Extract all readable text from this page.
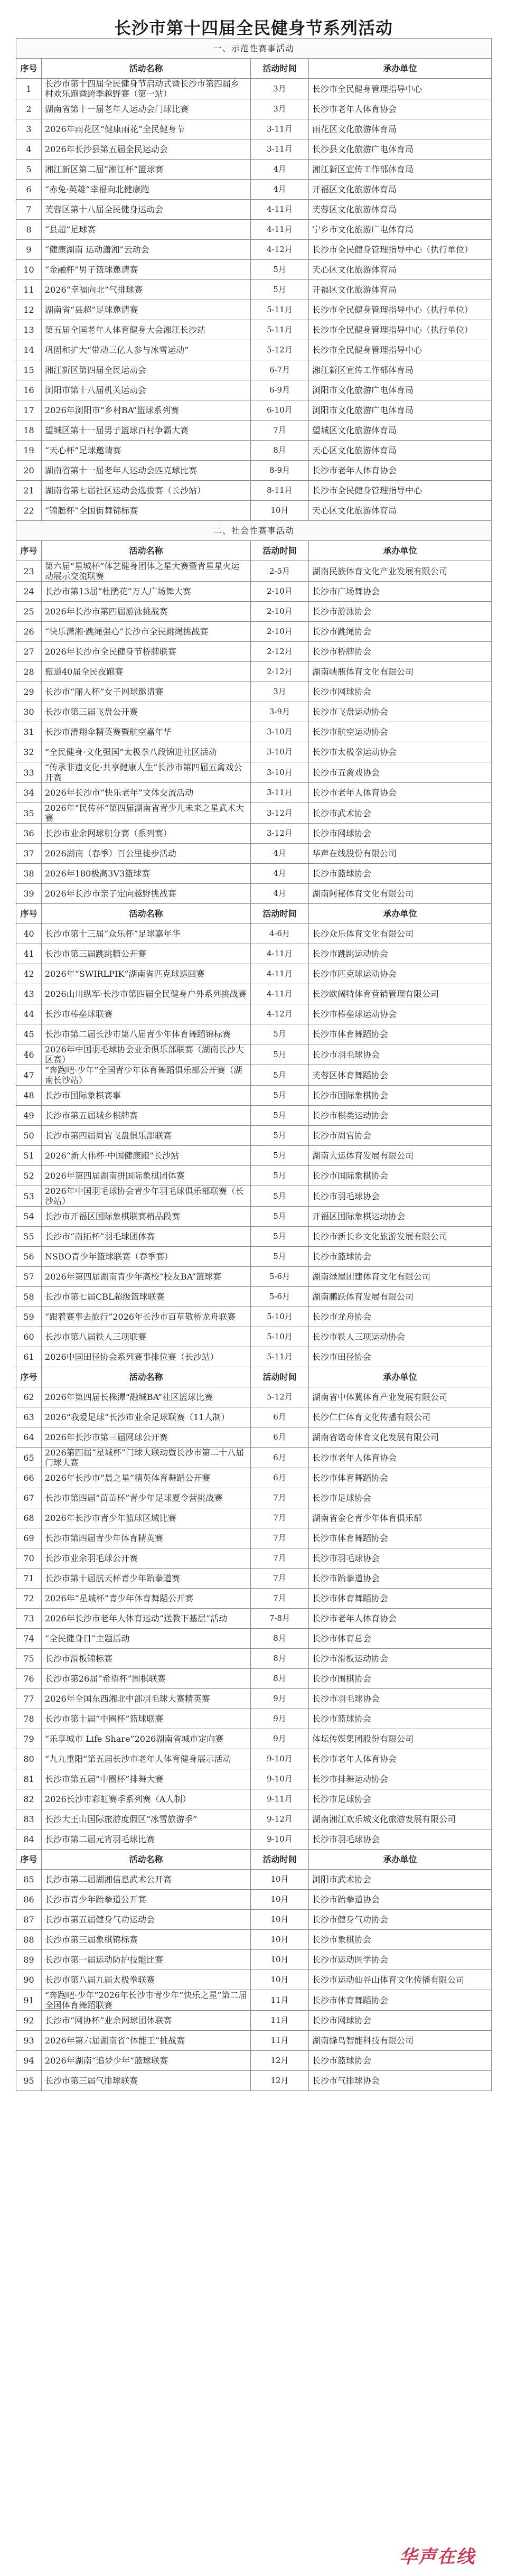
长沙市第十四届全民健身节系列活动
一、示范性赛事活动			
序号	活动名称	活动时间	承办单位
1	长沙市第十四届全民健身节启动式暨长沙市第四届乡村欢乐跑暨跨季越野赛（第一站）	3月	长沙市全民健身管理指导中心
2	湖南省第十一届老年人运动会门球比赛	3月	长沙市老年人体育协会
3	2026年雨花区“健康雨花”全民健身节	3-11月	雨花区文化旅游体育局
4	2026年长沙县第五届全民运动会	3-11月	长沙县文化旅游广电体育局
5	湘江新区第二届“湘江杯”篮球赛	4月	湘江新区宣传工作部体育局
6	“赤兔·英雄”幸福向北健康跑	4月	开福区文化旅游体育局
7	芙蓉区第十八届全民健身运动会	4-11月	芙蓉区文化旅游体育局
8	“县超”足球赛	4-11月	宁乡市文化旅游广电体育局
9	“健康湖南 运动潇湘”云动会	4-12月	长沙市全民健身管理指导中心（执行单位）
10	“金融杯”男子篮球邀请赛	5月	天心区文化旅游体育局
11	2026“幸福向北”气排球赛	5月	开福区文化旅游体育局
12	湖南省“县超”足球邀请赛	5-11月	长沙市全民健身管理指导中心（执行单位）
13	第五届全国老年人体育健身大会湘江长沙站	5-11月	长沙市全民健身管理指导中心（执行单位）
14	巩固和扩大“带动三亿人参与冰雪运动”	5-12月	长沙市全民健身管理指导中心
15	湘江新区第四届全民运动会	6-7月	湘江新区宣传工作部体育局
16	浏阳市第十八届机关运动会	6-9月	浏阳市文化旅游广电体育局
17	2026年浏阳市“乡村BA”篮球系列赛	6-10月	浏阳市文化旅游广电体育局
18	望城区第十一届男子篮球百村争霸大赛	7月	望城区文化旅游体育局
19	“天心杯”足球邀请赛	8月	天心区文化旅游体育局
20	湖南省第十一届老年人运动会匹克球比赛	8-9月	长沙市老年人体育协会
21	湖南省第七届社区运动会选拔赛（长沙站）	8-11月	长沙市全民健身管理指导中心
22	“锦艇杯”全国街舞锦标赛	10月	天心区文化旅游体育局
二、社会性赛事活动			
序号	活动名称	活动时间	承办单位
23	第六届“星城杯”体艺健身团体之星大赛暨青星星火运动展示交流联赛	2-5月	湖南民族体育文化产业发展有限公司
24	长沙市第13届“杜鹃花”万人广场舞大赛	2-10月	长沙市广场舞协会
25	2026年长沙市第四届游泳挑战赛	2-10月	长沙市游泳协会
26	“快乐潇湘·跳绳强心”长沙市全民跳绳挑战赛	2-10月	长沙市跳绳协会
27	2026年长沙市全民健身节桥牌联赛	2-12月	长沙市桥牌协会
28	瓶道40届全民夜跑赛	2-12月	湖南峡瓶体育文化有限公司
29	长沙市“丽人杯”女子网球邀请赛	3月	长沙市网球协会
30	长沙市第三届飞盘公开赛	3-9月	长沙市飞盘运动协会
31	长沙市滑翔伞精英赛暨航空嘉年华	3-10月	长沙市航空运动协会
32	“全民健身·文化强国”太极拳八段锦进社区活动	3-10月	长沙市太极拳运动协会
33	“传承非遗文化·共享健康人生”长沙市第四届五禽戏公开赛	3-10月	长沙市五禽戏协会
34	2026年长沙市“快乐老年”文体交流活动	3-11月	长沙市老年人体育协会
35	2026年“民传杯”第四届湖南省青少儿未来之星武术大赛	3-12月	长沙市武术协会
36	长沙市业余网球积分赛（系列赛）	3-12月	长沙市网球协会
37	2026湖南（春季）百公里徒步活动	4月	华声在线股份有限公司
38	2026年180极高3V3篮球赛	4月	长沙市篮球协会
39	2026年长沙市亲子定向越野挑战赛	4月	湖南阿秘体育文化有限公司
序号	活动名称	活动时间	承办单位
40	长沙市第十三届“众乐杯”足球嘉年华	4-6月	长沙众乐体育文化有限公司
41	长沙市第三届跳跳糖公开赛	4-11月	长沙市跳跳运动协会
42	2026年“SWIRLPIK”湖南省匹克球巡回赛	4-11月	长沙市匹克球运动协会
43	2026山川纵军·长沙市第四届全民健身户外系列挑战赛	4-11月	长沙欧阔特体育营销管理有限公司
44	长沙市棒垒球联赛	4-12月	长沙市棒垒球运动协会
45	长沙市第二届长沙市第八届青少年体育舞蹈锦标赛	5月	长沙市体育舞蹈协会
46	2026年中国羽毛球协会业余俱乐部联赛（湖南长沙大区赛）	5月	长沙市羽毛球协会
47	“奔跑吧·少年”全国青少年体育舞蹈俱乐部公开赛（湖南长沙站）	5月	芙蓉区体育舞蹈协会
48	长沙市国际象棋赛事	5月	长沙市国际象棋协会
49	长沙市第五届城乡棋牌赛	5月	长沙市棋类运动协会
50	长沙市第四届周官飞盘俱乐部联赛	5月	长沙市周官协会
51	2026“新大伟杯·中国健康跑”长沙站	5月	湖南大运体育发展有限公司
52	2026年第四届湖南拼国际象棋团体赛	5月	长沙市国际象棋协会
53	2026年中国羽毛球协会青少年羽毛球俱乐部联赛（长沙站）	5月	长沙市羽毛球协会
54	长沙市开福区国际象棋联赛精品段赛	5月	开福区国际象棋运动协会
55	长沙市“南拓杯”羽毛球团体赛	5月	长沙市新长乡文化旅游发展有限公司
56	NSBO青少年篮球联赛（春季赛）	5月	长沙市篮球协会
57	2026年第四届湖南青少年高校“校友BA”篮球赛	5-6月	湖南绿屋团建体育文化有限公司
58	长沙市第七届CBL超级篮球联赛	5-6月	湖南鹏跃体育发展有限公司
59	“跟着赛事去旅行”2026年长沙市百草敬桥龙舟联赛	5-10月	长沙市龙舟协会
60	长沙市第八届铁人三项联赛	5-10月	长沙市铁人三项运动协会
61	2026中国田径协会系列赛事排位赛（长沙站）	5-11月	长沙市田径协会
序号	活动名称	活动时间	承办单位
62	2026年第四届长株潭“融城BA”社区篮球比赛	5-12月	湖南省中体冀体育产业发展有限公司
63	2026“我爱足球”长沙市业余足球联赛（11人制）	6月	长沙仁仁体育文化传播有限公司
64	2026年长沙市第三届网球公开赛	6月	湖南省诺奇体育文化发展有限公司
65	2026第四届“星城杯”门球大联动暨长沙市第二十八届门球大赛	6月	长沙市老年人体育协会
66	2026年长沙市“晨之星”精英体育舞蹈公开赛	6月	长沙市体育舞蹈协会
67	长沙市第四届“苗苗杯”青少年足球夏令营挑战赛	7月	长沙市足球协会
68	2026年长沙市青少年篮球区域比赛	7月	湖南省金仑青少年体育俱乐部
69	长沙市第四届青少年体育精英赛	7月	长沙市体育舞蹈协会
70	长沙市业余羽毛球公开赛	7月	长沙市羽毛球协会
71	长沙市第十届航天杯青少年跆拳道赛	7月	长沙市跆拳道协会
72	2026年“星城杯”青少年体育舞蹈公开赛	7月	长沙市体育舞蹈协会
73	2026年长沙市老年人体育运动“送教下基层”活动	7-8月	长沙市老年人体育协会
74	“全民健身日”主题活动	8月	长沙市体育总会
75	长沙市滑板锦标赛	8月	长沙市滑板运动协会
76	长沙市第26届“希望杯”围棋联赛	8月	长沙市围棋协会
77	2026年全国东西湘北中部羽毛球大赛精英赛	9月	长沙市羽毛球协会
78	长沙市第十届“中圈杯”篮球联赛	9月	长沙市篮球协会
79	“乐享城市 Life Share”2026湖南省城市定向赛	9月	体坛传媒集团股份有限公司
80	“九九重阳”第五届长沙市老年人体育健身展示活动	9-10月	长沙市老年人体育协会
81	长沙市第五届“中圈杯”排舞大赛	9-10月	长沙市排舞运动协会
82	2026长沙市彩虹赛季系列赛（A人制）	9-11月	长沙市足球协会
83	长沙大王山国际旅游度假区“冰雪旅游季”	9-12月	湖南湘江欢乐城文化旅游发展有限公司
84	长沙市第二届元宵羽毛球比赛	9-10月	长沙市羽毛球协会
序号	活动名称	活动时间	承办单位
85	长沙市第二届湖湘信息武术公开赛	10月	浏阳市武术协会
86	长沙市青少年跆拳道公开赛	10月	长沙市跆拳道协会
87	长沙市第五届健身气功运动会	10月	长沙市健身气功协会
88	长沙市第三届象棋锦标赛	10月	长沙市象棋协会
89	长沙市第一届运动防护技能比赛	10月	长沙市运动医学协会
90	长沙市第八届九届太极拳联赛	10月	长沙市运动仙谷山体育文化传播有限公司
91	“奔跑吧·少年”2026年长沙市青少年“快乐之星”第二届全国体育舞蹈联赛	11月	长沙市体育舞蹈协会
92	长沙市“网协杯”业余网球团体联赛	11月	长沙市网球协会
93	2026年第六届湖南省“体能王”挑战赛	11月	湖南蜂鸟智能科技有限公司
94	2026年湖南“追梦少年”篮球联赛	12月	长沙市篮球协会
95	长沙市第三届气排球联赛	12月	长沙市气排球协会
华声在线
